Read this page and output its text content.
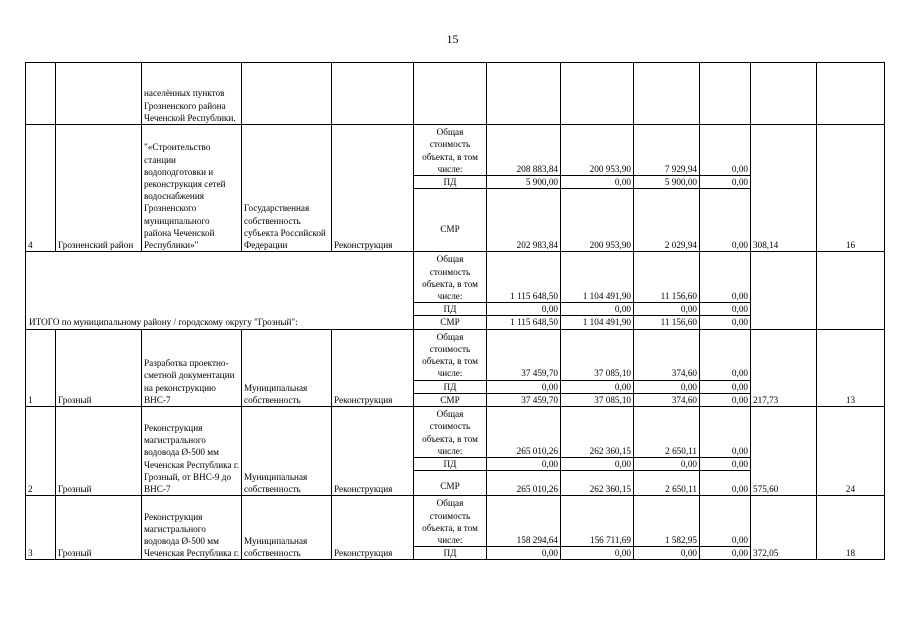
15
		населённых пунктов Грозненского района Чеченской Республики.									
4	Грозненский район	"«Строительство станции водоподготовки и реконструкция сетей водоснабжения Грозненского муниципального района Чеченской Республики»"	Государственная собственность субъекта Российской Федерации	Реконструкция	Общая стоимость объекта, в том числе:	208 883,84	200 953,90	7 929,94	0,00	308,14	16
					ПД	5 900,00	0,00	5 900,00	0,00		

					СМР	202 983,84	200 953,90	2 029,94	0,00		
ИТОГО по муниципальному району / городскому округу "Грозный":					Общая стоимость объекта, в том числе:	1 115 648,50	1 104 491,90	11 156,60	0,00		
					ПД	0,00	0,00	0,00	0,00		
					СМР	1 115 648,50	1 104 491,90	11 156,60	0,00		
1	Грозный	Разработка проектно-сметной документации на реконструкцию ВНС-7	Муниципальная собственность	Реконструкция	Общая стоимость объекта, в том числе:	37 459,70	37 085,10	374,60	0,00	217,73	13
					ПД	0,00	0,00	0,00	0,00		
					СМР	37 459,70	37 085,10	374,60	0,00		
2	Грозный	Реконструкция магистрального водовода Ø-500 мм Чеченская Республика г. Грозный, от ВНС-9 до ВНС-7	Муниципальная собственность	Реконструкция	Общая стоимость объекта, в том числе:	265 010,26	262 360,15	2 650,11	0,00	575,60	24
					ПД	0,00	0,00	0,00	0,00		

					СМР	265 010,26	262 360,15	2 650,11	0,00		
3	Грозный	Реконструкция магистрального водовода Ø-500 мм Чеченская Республика г.	Муниципальная собственность	Реконструкция	Общая стоимость объекта, в том числе:	158 294,64	156 711,69	1 582,95	0,00	372,05	18
					ПД	0,00	0,00	0,00	0,00		
